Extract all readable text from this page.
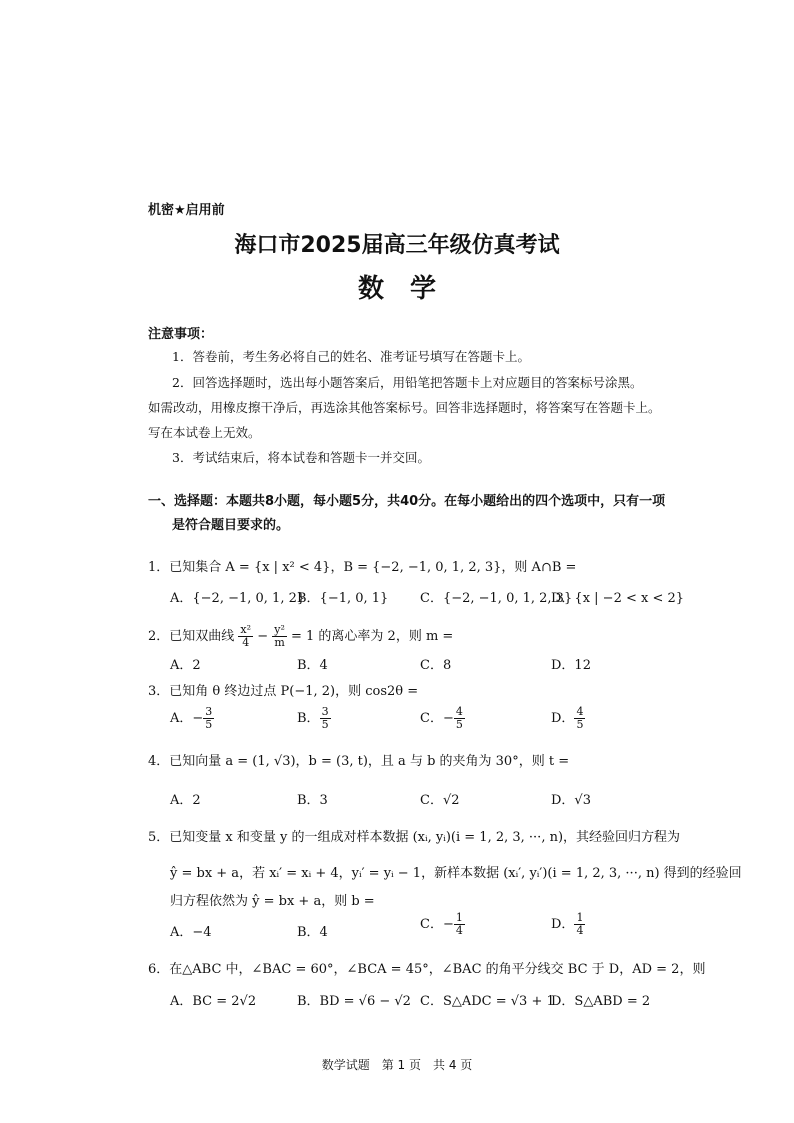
机密★启用前
海口市2025届高三年级仿真考试
数学
注意事项：
1．答卷前，考生务必将自己的姓名、准考证号填写在答题卡上。
2．回答选择题时，选出每小题答案后，用铅笔把答题卡上对应题目的答案标号涂黑。
如需改动，用橡皮擦干净后，再选涂其他答案标号。回答非选择题时，将答案写在答题卡上。
写在本试卷上无效。
3．考试结束后，将本试卷和答题卡一并交回。
一、选择题：本题共8小题，每小题5分，共40分。在每小题给出的四个选项中，只有一项
是符合题目要求的。
1．已知集合 A = {x | x² < 4}，B = {−2, −1, 0, 1, 2, 3}，则 A∩B =
A．{−2, −1, 0, 1, 2}
B．{−1, 0, 1} C．{−2, −1, 0, 1, 2, 3}
D．{x | −2 < x < 2}
2．已知双曲线 $\frac{\text{x²}}{4} - \frac{\text{y²}}{m} = 1$ 的离心率为 2，则 m =
A．2	B．4	C．8	D．12
3．已知角 θ 终边过点 P(−1, 2)，则 cos2θ =
A．− $\frac{3}{5}$	B． $\frac{3}{5}$	C．− $\frac{4}{5}$	D． $\frac{4}{5}$
4．已知向量 a = (1, √3)，b = (3, t)，且 a 与 b 的夹角为 30°，则 t =
A．2	B．3	C．√2	D．√3
5．已知变量 x 和变量 y 的一组成对样本数据 (xᵢ, yᵢ)(i = 1, 2, 3, ···, n)，其经验回归方程为
ŷ = bx + a，若 xᵢ′ = xᵢ + 4，yᵢ′ = yᵢ − 1，新样本数据 (xᵢ′, yᵢ′)(i = 1, 2, 3, ···, n) 得到的经验回
归方程依然为 ŷ = bx + a，则 b =
A．−4	B．4
C．− $\frac{1}{4}$	D． $\frac{1}{4}$
6．在△ABC 中，∠BAC = 60°，∠BCA = 45°，∠BAC 的角平分线交 BC 于 D，AD = 2，则
A．BC = 2√2	B．BD = √6 − √2 C．S△ADC = √3 + 1
D．S△ABD = 2
数学试题　第 1 页　共 4 页
